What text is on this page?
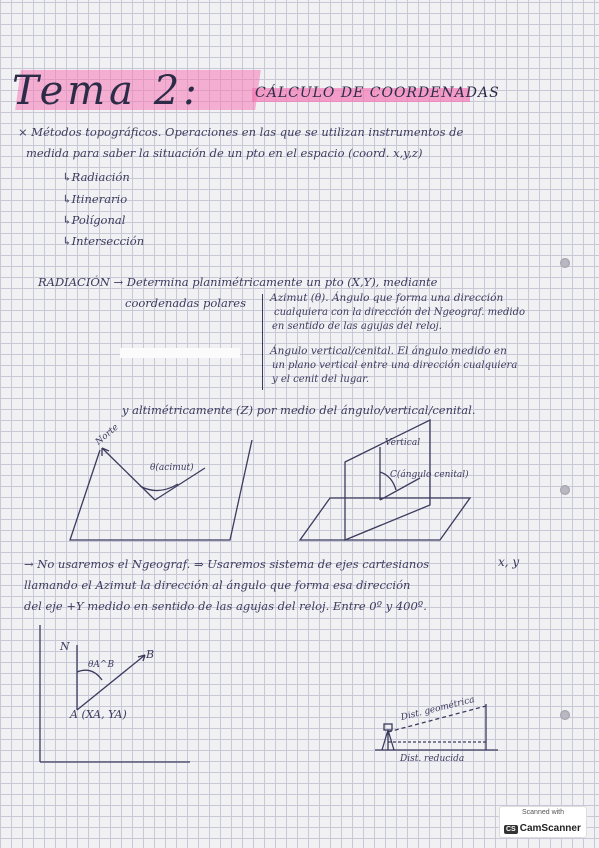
Tema 2:	CÁLCULO DE COORDENADAS
× Métodos topográficos. Operaciones en las que se utilizan instrumentos de
medida para saber la situación de un pto en el espacio (coord. x,y,z)
↳Radiación
↳Itinerario
↳Polígonal
↳Intersección
RADIACIÓN → Determina planimétricamente un pto (X,Y), mediante
coordenadas polares Azimut (θ). Ángulo que forma una dirección
cualquiera con la dirección del Ngeograf. medido
en sentido de las agujas del reloj.
Ángulo vertical/cenital. El ángulo medido en
un plano vertical entre una dirección cualquiera
y el cenit del lugar.
y altimétricamente (Z) por medio del ángulo/vertical/cenital.
Norte
θ(acimut)
Vertical
C(ángulo cenital)
→ No usaremos el Ngeograf. ⇒ Usaremos sistema de ejes cartesianos
llamando el Azimut la dirección al ángulo que forma esa dirección
del eje +Y medido en sentido de las agujas del reloj. Entre 0º y 400º.
x, y
N
θA^B
B
A (XA, YA)	Dist. geométrica
Dist. reducida
Scanned with
CS CamScanner
